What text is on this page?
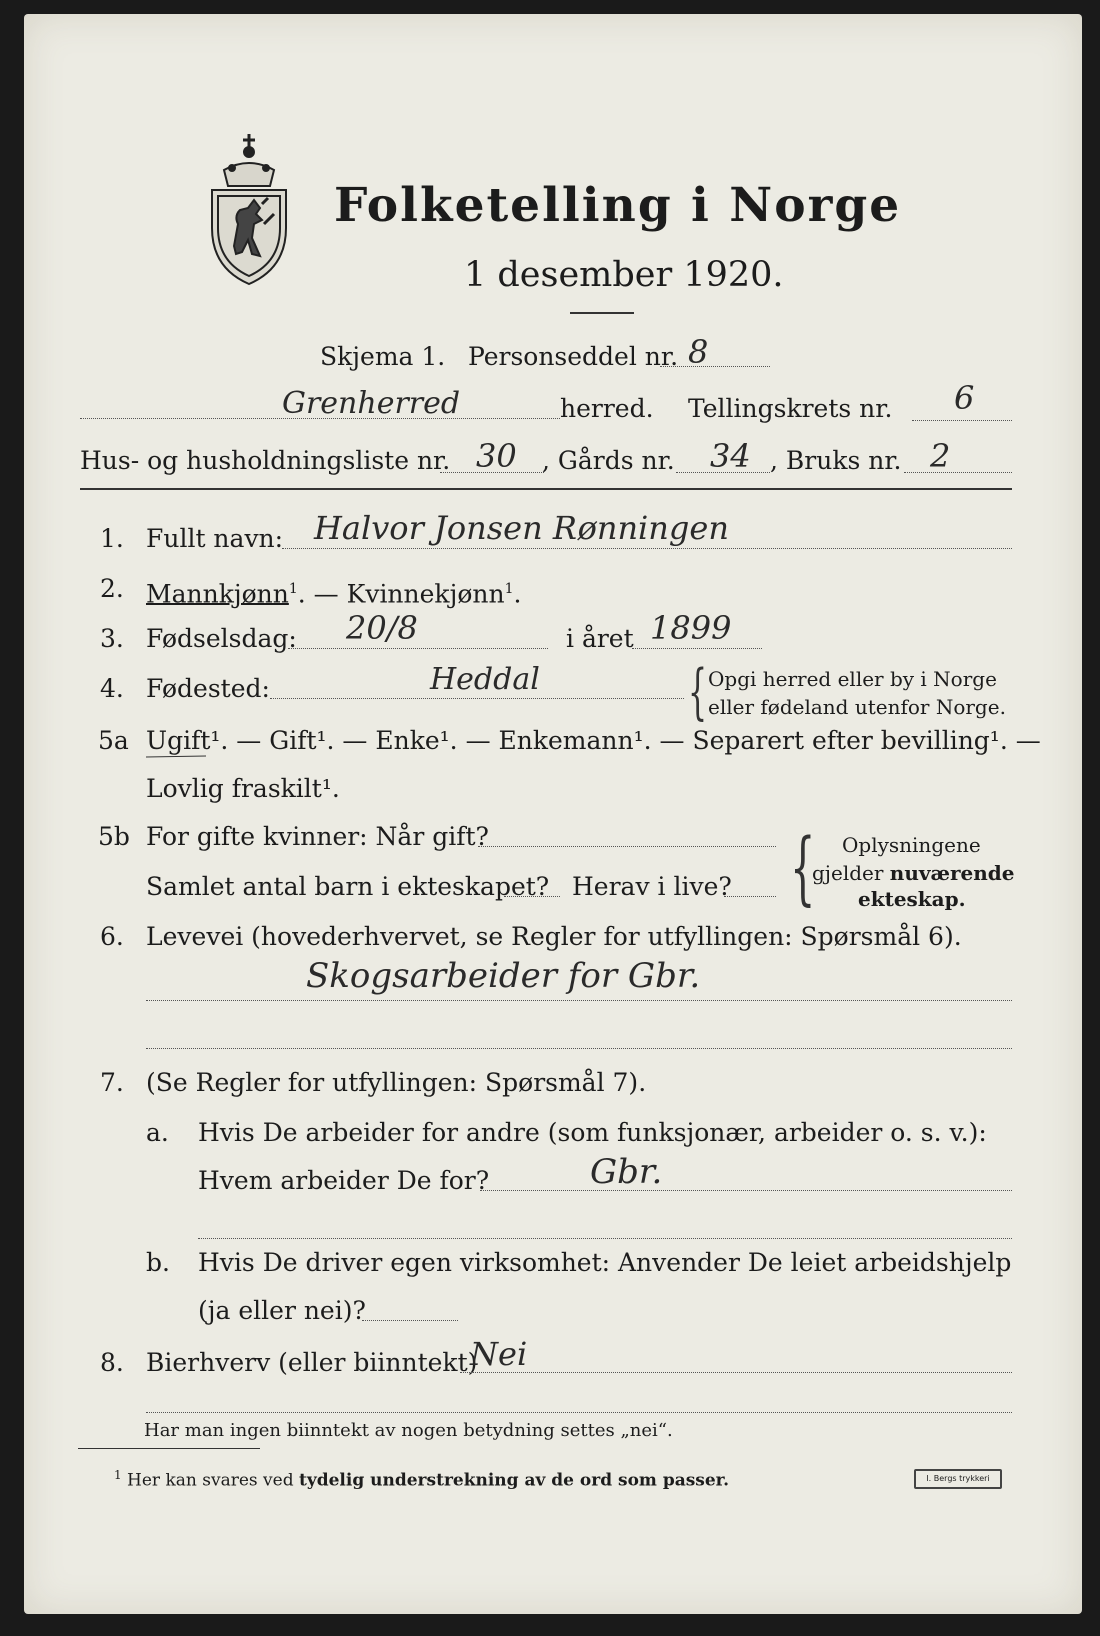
Folketelling i Norge
1 desember 1920.
Skjema 1. Personseddel nr. 8
Grenherred	herred. Tellingskrets nr. 6
Hus- og husholdningsliste nr. 30 , Gårds nr. 34 , Bruks nr. 2
1. Fullt navn: Halvor Jonsen Rønningen
2. Mannkjønn$^1$. — Kvinnekjønn$^1$.
3. Fødselsdag: 20/8	i året 1899
4. Fødested:	Heddal { Opgi herred eller by i Norge
eller fødeland utenfor Norge.
5a Ugift¹. — Gift¹. — Enke¹. — Enkemann¹. — Separert efter bevilling¹. —
Lovlig fraskilt¹.
5b For gifte kvinner: Når gift?
Samlet antal barn i ekteskapet? Herav i live? { Oplysningene
gjelder nuværende
ekteskap.
6. Levevei (hovederhvervet, se Regler for utfyllingen: Spørsmål 6).
Skogsarbeider for Gbr.
7. (Se Regler for utfyllingen: Spørsmål 7).
a. Hvis De arbeider for andre (som funksjonær, arbeider o. s. v.):
Hvem arbeider De for?	Gbr.
b. Hvis De driver egen virksomhet: Anvender De leiet arbeidshjelp
(ja eller nei)?
8. Bierhverv (eller biinntekt)
Nei
Har man ingen biinntekt av nogen betydning settes „nei“.
$^1$ Her kan svares ved tydelig understrekning av de ord som passer.	I. Bergs trykkeri
